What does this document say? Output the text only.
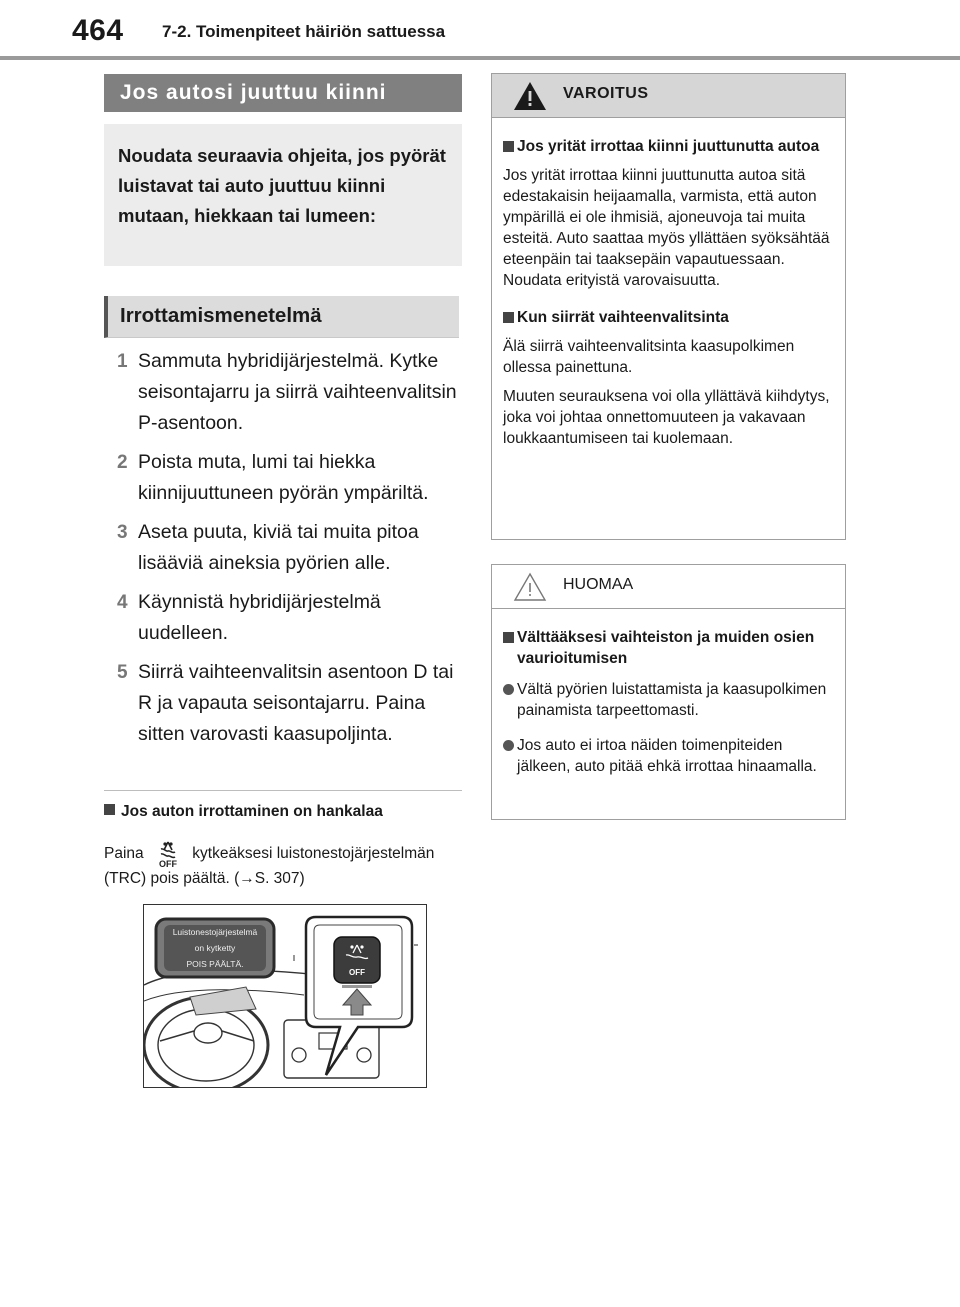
464 7-2. Toimenpiteet häiriön sattuessa
Jos autosi juuttuu kiinni
Noudata seuraavia ohjeita, jos pyörät luistavat tai auto juuttuu kiinni mutaan, hiekkaan tai lumeen:
Irrottamismenetelmä
1 Sammuta hybridijärjestelmä. Kytke seisontajarru ja siirrä vaihteenvalitsin P-asentoon.
2 Poista muta, lumi tai hiekka kiinnijuuttuneen pyörän ympäriltä.
3 Aseta puuta, kiviä tai muita pitoa lisääviä aineksia pyörien alle.
4 Käynnistä hybridijärjestelmä uudelleen.
5 Siirrä vaihteenvalitsin asentoon D tai R ja vapauta seisontajarru. Paina sitten varovasti kaasupoljinta.
Jos auton irrottaminen on hankalaa
Paina
OFF
kytkeäksesi luistonestojärjestelmän (TRC) pois päältä. (→S. 307)
Luistonestojärjestelmä
on kytketty
POIS PÄÄLTÄ.
OFF
VAROITUS
Jos yrität irrottaa kiinni juuttunutta autoa
Jos yrität irrottaa kiinni juuttunutta autoa sitä edestakaisin heijaamalla, varmista, että auton ympärillä ei ole ihmisiä, ajoneuvoja tai muita esteitä. Auto saattaa myös yllättäen syöksähtää eteenpäin tai taaksepäin vapautuessaan. Noudata erityistä varovaisuutta.
Kun siirrät vaihteenvalitsinta
Älä siirrä vaihteenvalitsinta kaasupolkimen ollessa painettuna.
Muuten seurauksena voi olla yllättävä kiihdytys, joka voi johtaa onnettomuuteen ja vakavaan loukkaantumiseen tai kuolemaan.
HUOMAA
Välttääksesi vaihteiston ja muiden osien vaurioitumisen
Vältä pyörien luistattamista ja kaasupolkimen painamista tarpeettomasti.
Jos auto ei irtoa näiden toimenpiteiden jälkeen, auto pitää ehkä irrottaa hinaamalla.
